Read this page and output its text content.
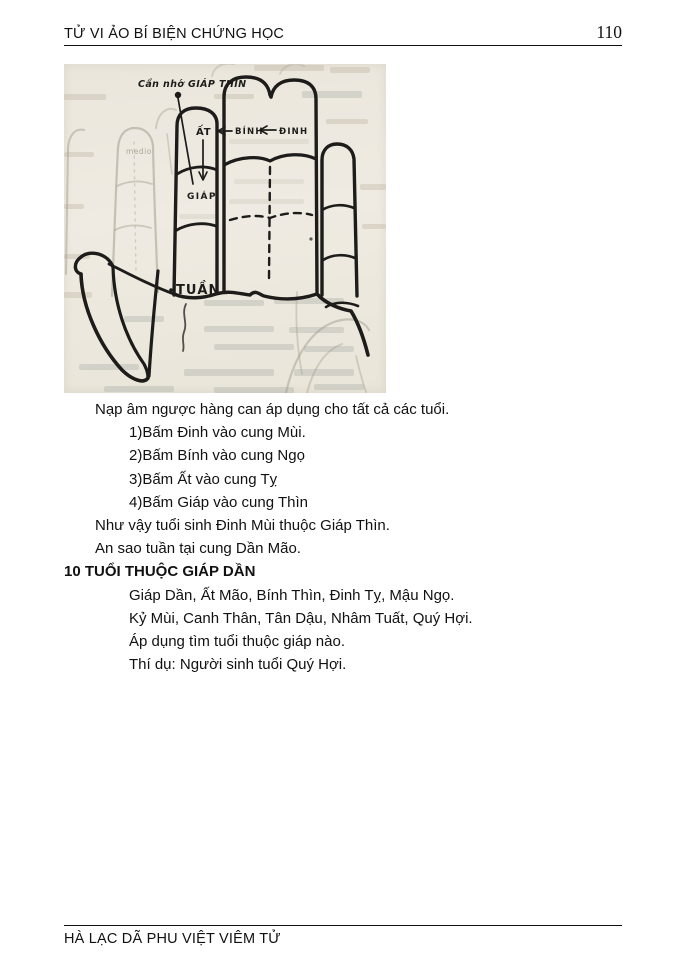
TỬ VI ẢO BÍ BIỆN CHỨNG HỌC	110
medio
Cần nhớ GIÁP THÌN
ẤT	BÍNH ĐINH
GIÁP
TUẦN

Nạp âm ngược hàng can áp dụng cho tất cả các tuổi.

1)Bấm Đinh vào cung Mùi.

2)Bấm Bính vào cung Ngọ

3)Bấm Ất vào cung Tỵ

4)Bấm Giáp vào cung Thìn

Như vậy tuổi sinh Đinh Mùi thuộc Giáp Thìn.

An sao tuần tại cung Dần Mão.

10 TUỔI THUỘC GIÁP DẦN

Giáp Dần, Ất Mão, Bính Thìn, Đinh Tỵ, Mậu Ngọ.

Kỷ Mùi, Canh Thân, Tân Dậu, Nhâm Tuất, Quý Hợi.

Áp dụng tìm tuổi thuộc giáp nào.

Thí dụ: Người sinh tuổi Quý Hợi.

HÀ LẠC DÃ PHU VIỆT VIÊM TỬ
